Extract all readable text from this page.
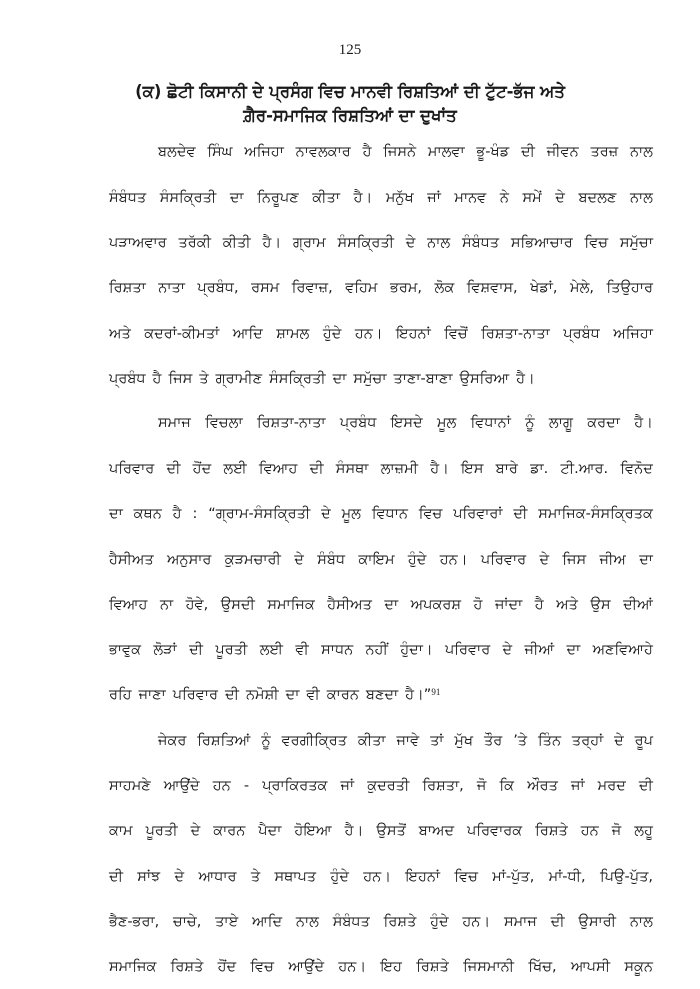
125
(ਕ) ਛੋਟੀ ਕਿਸਾਨੀ ਦੇ ਪ੍ਰਸੰਗ ਵਿਚ ਮਾਨਵੀ ਰਿਸ਼ਤਿਆਂ ਦੀ ਟੁੱਟ-ਭੱਜ ਅਤੇ
ਗ਼ੈਰ-ਸਮਾਜਿਕ ਰਿਸ਼ਤਿਆਂ ਦਾ ਦੁਖਾਂਤ
ਬਲਦੇਵ ਸਿੰਘ ਅਜਿਹਾ ਨਾਵਲਕਾਰ ਹੈ ਜਿਸਨੇ ਮਾਲਵਾ ਭੂ-ਖੰਡ ਦੀ ਜੀਵਨ ਤਰਜ਼ ਨਾਲ
ਸੰਬੰਧਤ ਸੰਸਕ੍ਰਿਤੀ ਦਾ ਨਿਰੂਪਣ ਕੀਤਾ ਹੈ। ਮਨੁੱਖ ਜਾਂ ਮਾਨਵ ਨੇ ਸਮੇਂ ਦੇ ਬਦਲਣ ਨਾਲ
ਪੜਾਅਵਾਰ ਤਰੱਕੀ ਕੀਤੀ ਹੈ। ਗ੍ਰਾਮ ਸੰਸਕ੍ਰਿਤੀ ਦੇ ਨਾਲ ਸੰਬੰਧਤ ਸਭਿਆਚਾਰ ਵਿਚ ਸਮੁੱਚਾ
ਰਿਸ਼ਤਾ ਨਾਤਾ ਪ੍ਰਬੰਧ, ਰਸਮ ਰਿਵਾਜ਼, ਵਹਿਮ ਭਰਮ, ਲੋਕ ਵਿਸ਼ਵਾਸ, ਖੇਡਾਂ, ਮੇਲੇ, ਤਿਉਹਾਰ
ਅਤੇ ਕਦਰਾਂ-ਕੀਮਤਾਂ ਆਦਿ ਸ਼ਾਮਲ ਹੁੰਦੇ ਹਨ। ਇਹਨਾਂ ਵਿਚੋਂ ਰਿਸ਼ਤਾ-ਨਾਤਾ ਪ੍ਰਬੰਧ ਅਜਿਹਾ
ਪ੍ਰਬੰਧ ਹੈ ਜਿਸ ਤੇ ਗ੍ਰਾਮੀਣ ਸੰਸਕ੍ਰਿਤੀ ਦਾ ਸਮੁੱਚਾ ਤਾਣਾ-ਬਾਣਾ ਉਸਰਿਆ ਹੈ।
ਸਮਾਜ ਵਿਚਲਾ ਰਿਸ਼ਤਾ-ਨਾਤਾ ਪ੍ਰਬੰਧ ਇਸਦੇ ਮੂਲ ਵਿਧਾਨਾਂ ਨੂੰ ਲਾਗੂ ਕਰਦਾ ਹੈ।
ਪਰਿਵਾਰ ਦੀ ਹੋਂਦ ਲਈ ਵਿਆਹ ਦੀ ਸੰਸਥਾ ਲਾਜ਼ਮੀ ਹੈ। ਇਸ ਬਾਰੇ ਡਾ. ਟੀ.ਆਰ. ਵਿਨੋਦ
ਦਾ ਕਥਨ ਹੈ : “ਗ੍ਰਾਮ-ਸੰਸਕ੍ਰਿਤੀ ਦੇ ਮੂਲ ਵਿਧਾਨ ਵਿਚ ਪਰਿਵਾਰਾਂ ਦੀ ਸਮਾਜਿਕ-ਸੰਸਕ੍ਰਿਤਕ
ਹੈਸੀਅਤ ਅਨੁਸਾਰ ਕੁੜਮਚਾਰੀ ਦੇ ਸੰਬੰਧ ਕਾਇਮ ਹੁੰਦੇ ਹਨ। ਪਰਿਵਾਰ ਦੇ ਜਿਸ ਜੀਅ ਦਾ
ਵਿਆਹ ਨਾ ਹੋਵੇ, ਉਸਦੀ ਸਮਾਜਿਕ ਹੈਸੀਅਤ ਦਾ ਅਪਕਰਸ਼ ਹੋ ਜਾਂਦਾ ਹੈ ਅਤੇ ਉਸ ਦੀਆਂ
ਭਾਵੁਕ ਲੋੜਾਂ ਦੀ ਪੂਰਤੀ ਲਈ ਵੀ ਸਾਧਨ ਨਹੀਂ ਹੁੰਦਾ। ਪਰਿਵਾਰ ਦੇ ਜੀਆਂ ਦਾ ਅਣਵਿਆਹੇ
ਰਹਿ ਜਾਣਾ ਪਰਿਵਾਰ ਦੀ ਨਮੋਸ਼ੀ ਦਾ ਵੀ ਕਾਰਨ ਬਣਦਾ ਹੈ।”$^{91}$
ਜੇਕਰ ਰਿਸ਼ਤਿਆਂ ਨੂੰ ਵਰਗੀਕ੍ਰਿਤ ਕੀਤਾ ਜਾਵੇ ਤਾਂ ਮੁੱਖ ਤੌਰ ’ਤੇ ਤਿੰਨ ਤਰ੍ਹਾਂ ਦੇ ਰੂਪ
ਸਾਹਮਣੇ ਆਉਂਦੇ ਹਨ - ਪ੍ਰਾਕਿਰਤਕ ਜਾਂ ਕੁਦਰਤੀ ਰਿਸ਼ਤਾ, ਜੋ ਕਿ ਔਰਤ ਜਾਂ ਮਰਦ ਦੀ
ਕਾਮ ਪੂਰਤੀ ਦੇ ਕਾਰਨ ਪੈਦਾ ਹੋਇਆ ਹੈ। ਉਸਤੋਂ ਬਾਅਦ ਪਰਿਵਾਰਕ ਰਿਸ਼ਤੇ ਹਨ ਜੋ ਲਹੂ
ਦੀ ਸਾਂਝ ਦੇ ਆਧਾਰ ਤੇ ਸਥਾਪਤ ਹੁੰਦੇ ਹਨ। ਇਹਨਾਂ ਵਿਚ ਮਾਂ-ਪੁੱਤ, ਮਾਂ-ਧੀ, ਪਿਉ-ਪੁੱਤ,
ਭੈਣ-ਭਰਾ, ਚਾਚੇ, ਤਾਏ ਆਦਿ ਨਾਲ ਸੰਬੰਧਤ ਰਿਸ਼ਤੇ ਹੁੰਦੇ ਹਨ। ਸਮਾਜ ਦੀ ਉਸਾਰੀ ਨਾਲ
ਸਮਾਜਿਕ ਰਿਸ਼ਤੇ ਹੋਂਦ ਵਿਚ ਆਉਂਦੇ ਹਨ। ਇਹ ਰਿਸ਼ਤੇ ਜਿਸਮਾਨੀ ਖਿੱਚ, ਆਪਸੀ ਸਕੂਨ
